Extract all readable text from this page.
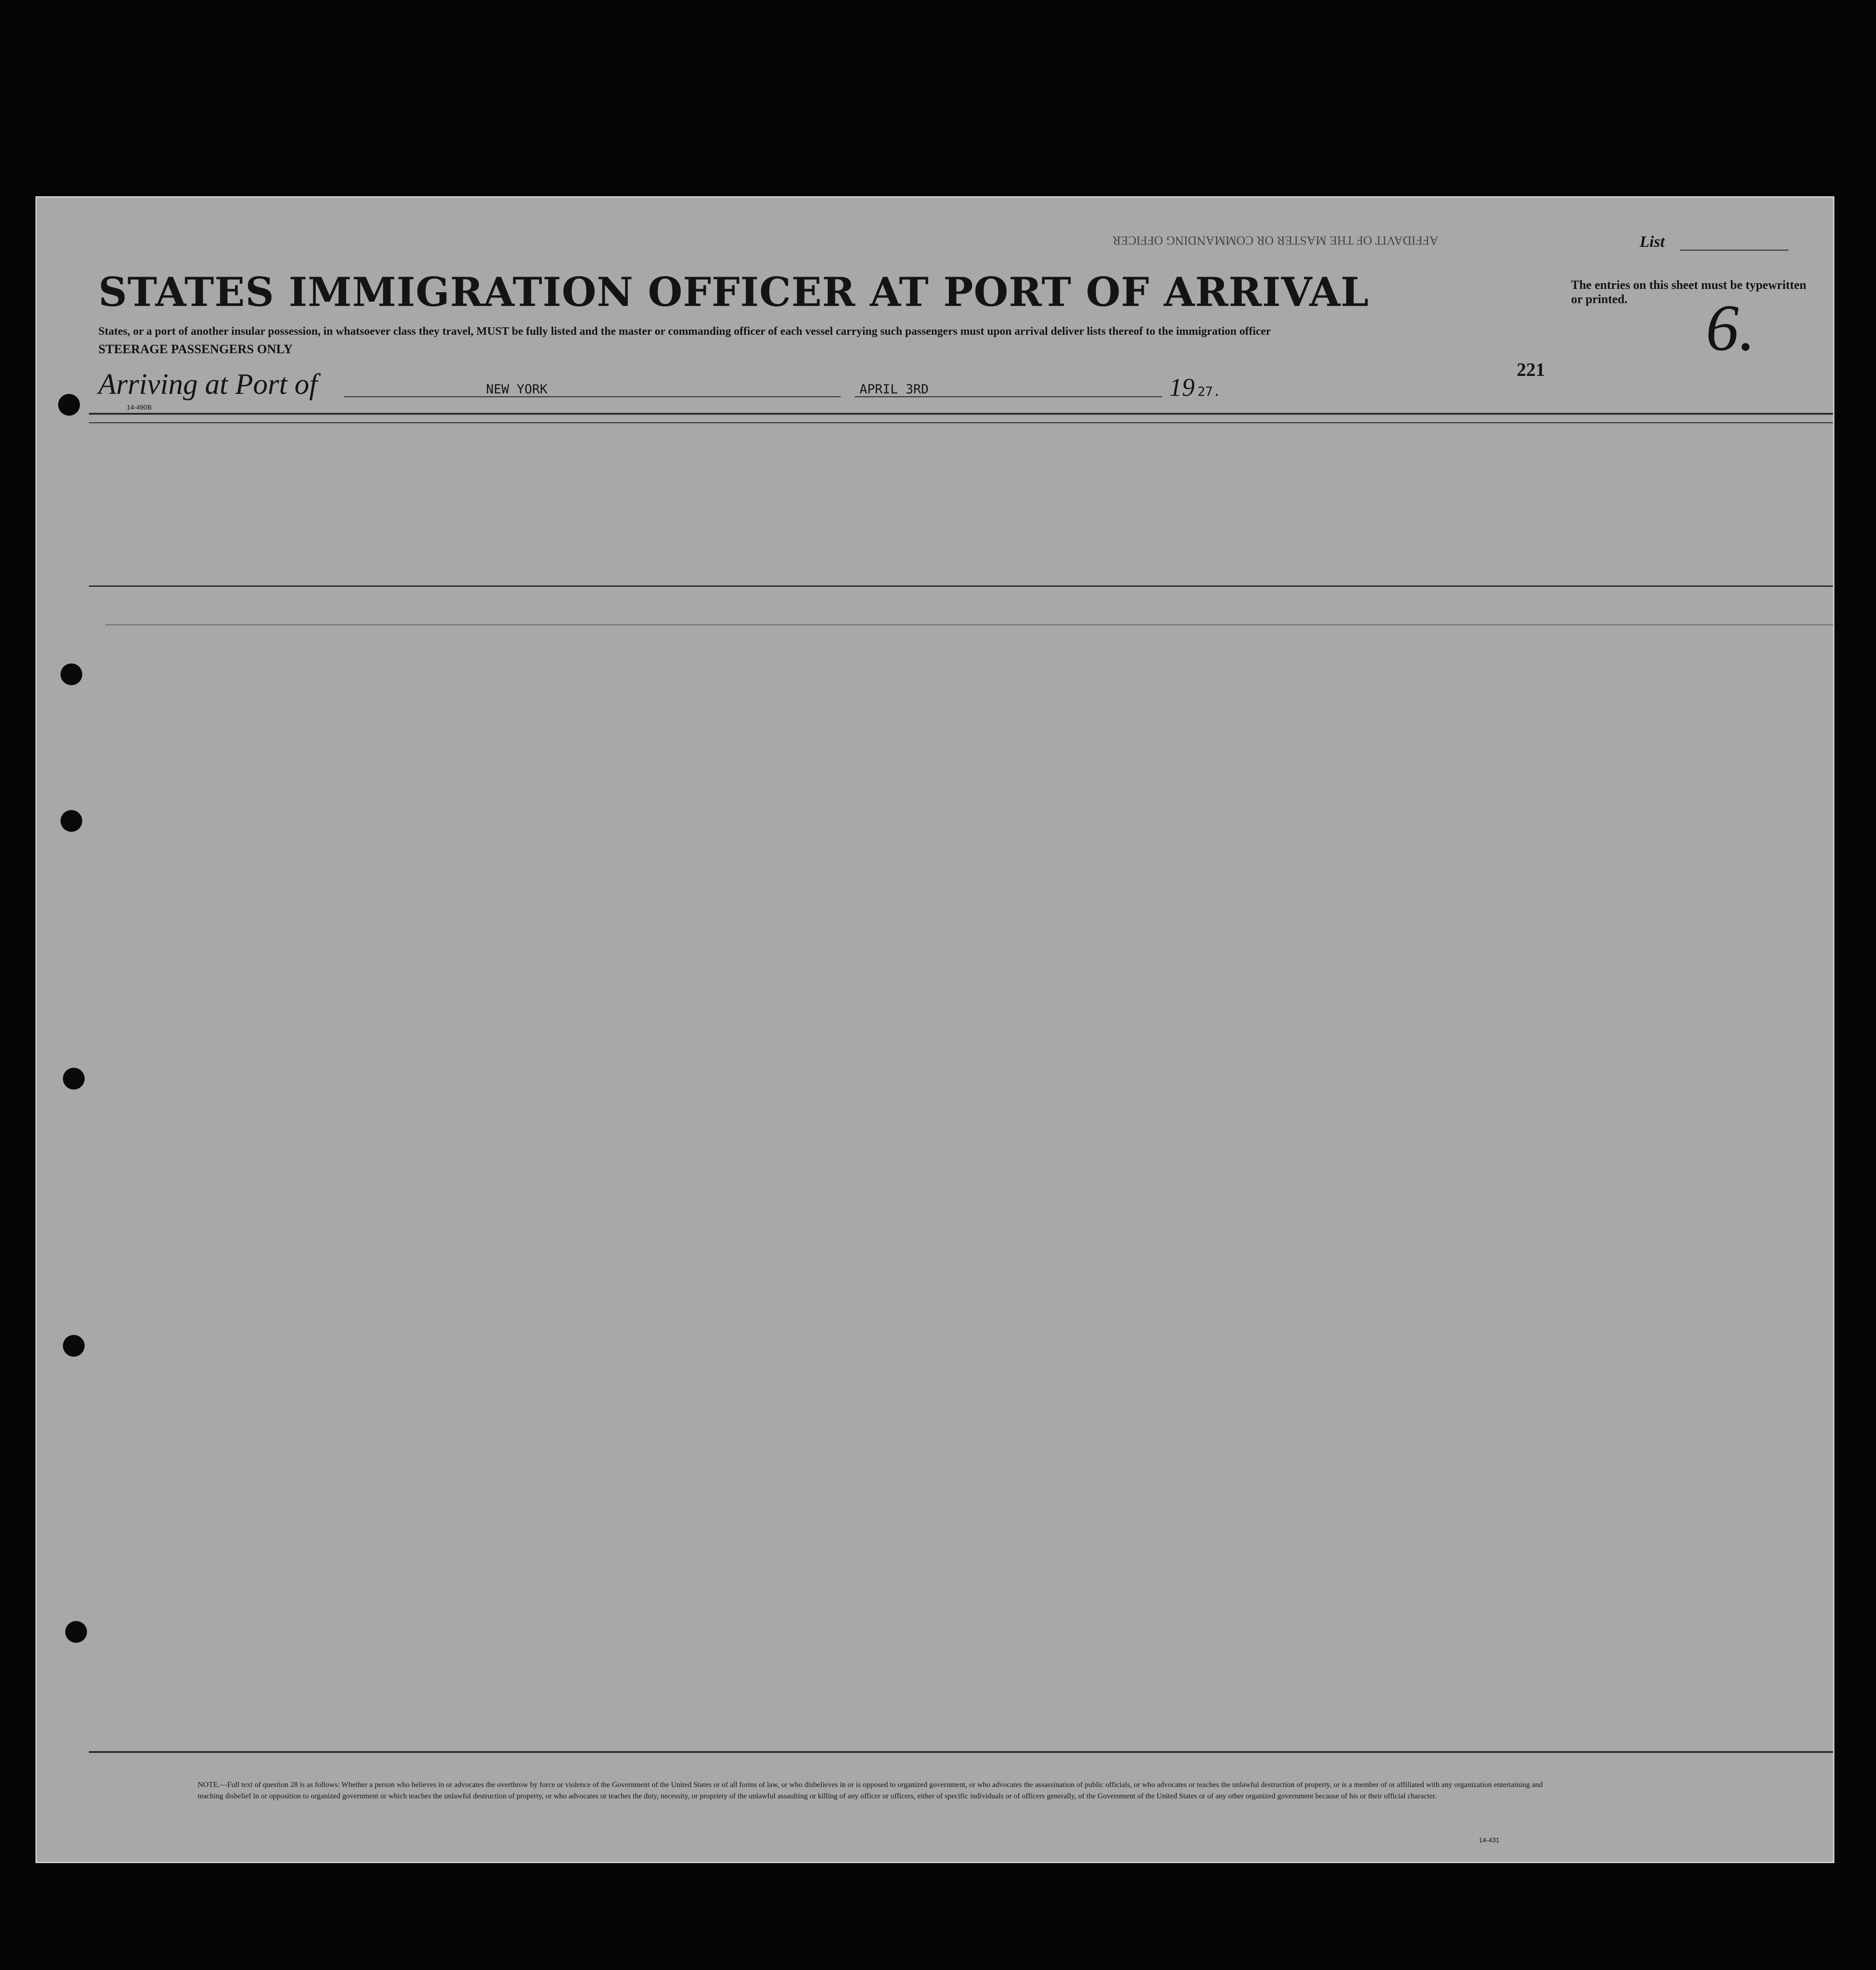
AFFIDAVIT OF THE MASTER OR COMMANDING OFFICER
STATES IMMIGRATION OFFICER AT PORT OF ARRIVAL
States, or a port of another insular possession, in whatsoever class they travel, MUST be fully listed and the master or commanding officer of each vessel carrying such passengers must upon arrival deliver lists thereof to the immigration officer
STEERAGE PASSENGERS ONLY
List
The entries on this sheet must be typewritten or printed.	6.
221
Arriving at Port of	NEW YORK	APRIL 3RD	19 27.
14-490B
NOTE.—Full text of question 28 is as follows: Whether a person who believes in or advocates the overthrow by force or violence of the Government of the United States or of all forms of law, or who disbelieves in or is opposed to organized government, or who advocates the assassination of public officials, or who advocates or teaches the unlawful destruction of property, or is a member of or affiliated with any organization entertaining and teaching disbelief in or opposition to organized government or which teaches the unlawful destruction of property, or who advocates or teaches the duty, necessity, or propriety of the unlawful assaulting or killing of any officer or officers, either of specific individuals or of officers generally, of the Government of the United States or of any other organized government because of his or their official character.
14-431
